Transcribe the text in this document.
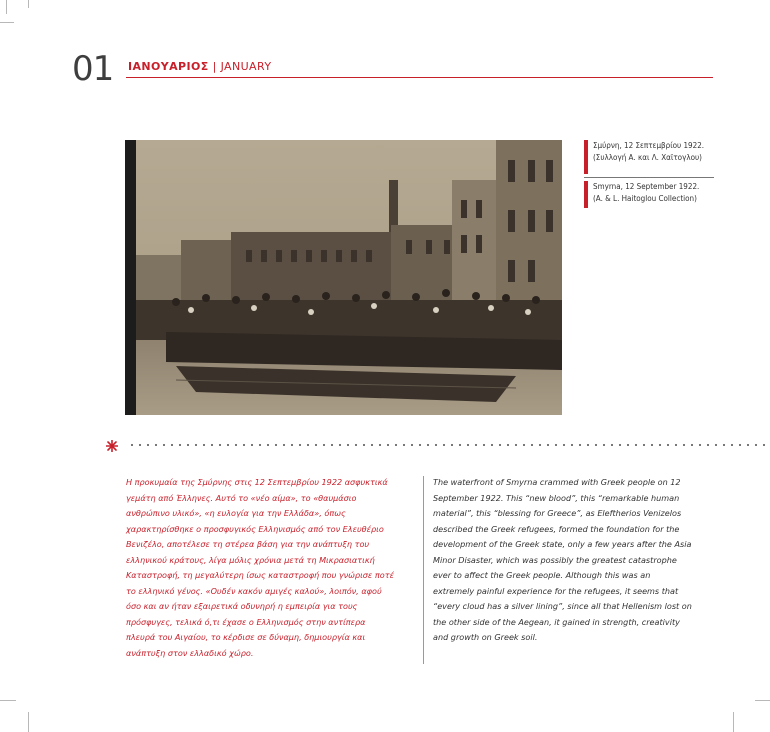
01 ΙΑΝΟΥΑΡΙΟΣ | JANUARY
Σμύρνη, 12 Σεπτεμβρίου 1922.
(Συλλογή Α. και Λ. Χαϊτογλου)
Smyrna, 12 September 1922.
(A. & L. Haitoglou Collection)
Η προκυμαία της Σμύρνης στις 12 Σεπτεμβρίου 1922 ασφυκτικά
γεμάτη από Έλληνες. Αυτό το «νέο αίμα», το «θαυμάσιο
ανθρώπινο υλικό», «η ευλογία για την Ελλάδα», όπως
χαρακτηρίσθηκε ο προσφυγικός Ελληνισμός από τον Ελευθέριο
Βενιζέλο, αποτέλεσε τη στέρεα βάση για την ανάπτυξη του
ελληνικού κράτους, λίγα μόλις χρόνια μετά τη Μικρασιατική
Καταστροφή, τη μεγαλύτερη ίσως καταστροφή που γνώρισε ποτέ
το ελληνικό γένος. «Ουδέν κακόν αμιγές καλού», λοιπόν, αφού
όσο και αν ήταν εξαιρετικά οδυνηρή η εμπειρία για τους
πρόσφυγες, τελικά ό,τι έχασε ο Ελληνισμός στην αντίπερα
πλευρά του Αιγαίου, το κέρδισε σε δύναμη, δημιουργία και
ανάπτυξη στον ελλαδικό χώρο.
The waterfront of Smyrna crammed with Greek people on 12
September 1922. This “new blood”, this “remarkable human
material”, this “blessing for Greece”, as Eleftherios Venizelos
described the Greek refugees, formed the foundation for the
development of the Greek state, only a few years after the Asia
Minor Disaster, which was possibly the greatest catastrophe
ever to affect the Greek people. Although this was an
extremely painful experience for the refugees, it seems that
“every cloud has a silver lining”, since all that Hellenism lost on
the other side of the Aegean, it gained in strength, creativity
and growth on Greek soil.
